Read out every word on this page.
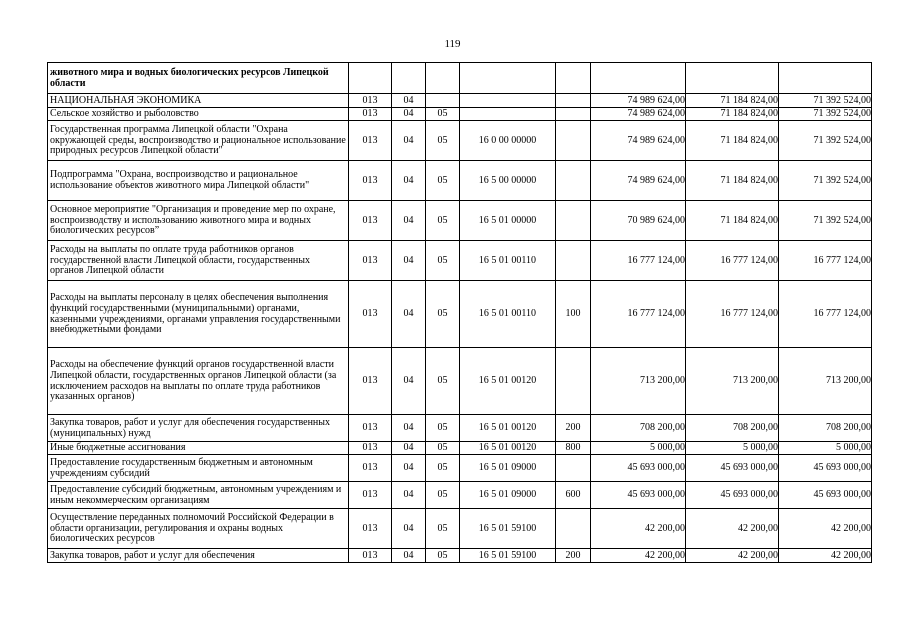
119
животного мира и водных биологических ресурсов Липецкой области								
НАЦИОНАЛЬНАЯ ЭКОНОМИКА	013	04				74 989 624,00	71 184 824,00	71 392 524,00
Сельское хозяйство и рыболовство	013	04	05			74 989 624,00	71 184 824,00	71 392 524,00
Государственная программа Липецкой области "Охрана окружающей среды, воспроизводство и рациональное использование природных ресурсов Липецкой области"	013	04	05	16 0 00 00000		74 989 624,00	71 184 824,00	71 392 524,00
Подпрограмма "Охрана, воспроизводство и рациональное использование объектов животного мира Липецкой области"	013	04	05	16 5 00 00000		74 989 624,00	71 184 824,00	71 392 524,00
Основное мероприятие "Организация и проведение мер по охране, воспроизводству и использованию животного мира и водных биологических ресурсов”	013	04	05	16 5 01 00000		70 989 624,00	71 184 824,00	71 392 524,00
Расходы на выплаты по оплате труда работников органов государственной власти Липецкой области, государственных органов Липецкой области	013	04	05	16 5 01 00110		16 777 124,00	16 777 124,00	16 777 124,00
Расходы на выплаты персоналу в целях обеспечения выполнения функций государственными (муниципальными) органами, казенными учреждениями, органами управления государственными внебюджетными фондами	013	04	05	16 5 01 00110	100	16 777 124,00	16 777 124,00	16 777 124,00
Расходы на обеспечение функций органов государственной власти Липецкой области, государственных органов Липецкой области (за исключением расходов на выплаты по оплате труда работников указанных органов)	013	04	05	16 5 01 00120		713 200,00	713 200,00	713 200,00
Закупка товаров, работ и услуг для обеспечения государственных (муниципальных) нужд	013	04	05	16 5 01 00120	200	708 200,00	708 200,00	708 200,00
Иные бюджетные ассигнования	013	04	05	16 5 01 00120	800	5 000,00	5 000,00	5 000,00
Предоставление государственным бюджетным и автономным учреждениям субсидий	013	04	05	16 5 01 09000		45 693 000,00	45 693 000,00	45 693 000,00
Предоставление субсидий бюджетным, автономным учреждениям и иным некоммерческим организациям	013	04	05	16 5 01 09000	600	45 693 000,00	45 693 000,00	45 693 000,00
Осуществление переданных полномочий Российской Федерации в области организации, регулирования и охраны водных биологических ресурсов	013	04	05	16 5 01 59100		42 200,00	42 200,00	42 200,00
Закупка товаров, работ и услуг для обеспечения	013	04	05	16 5 01 59100	200	42 200,00	42 200,00	42 200,00
